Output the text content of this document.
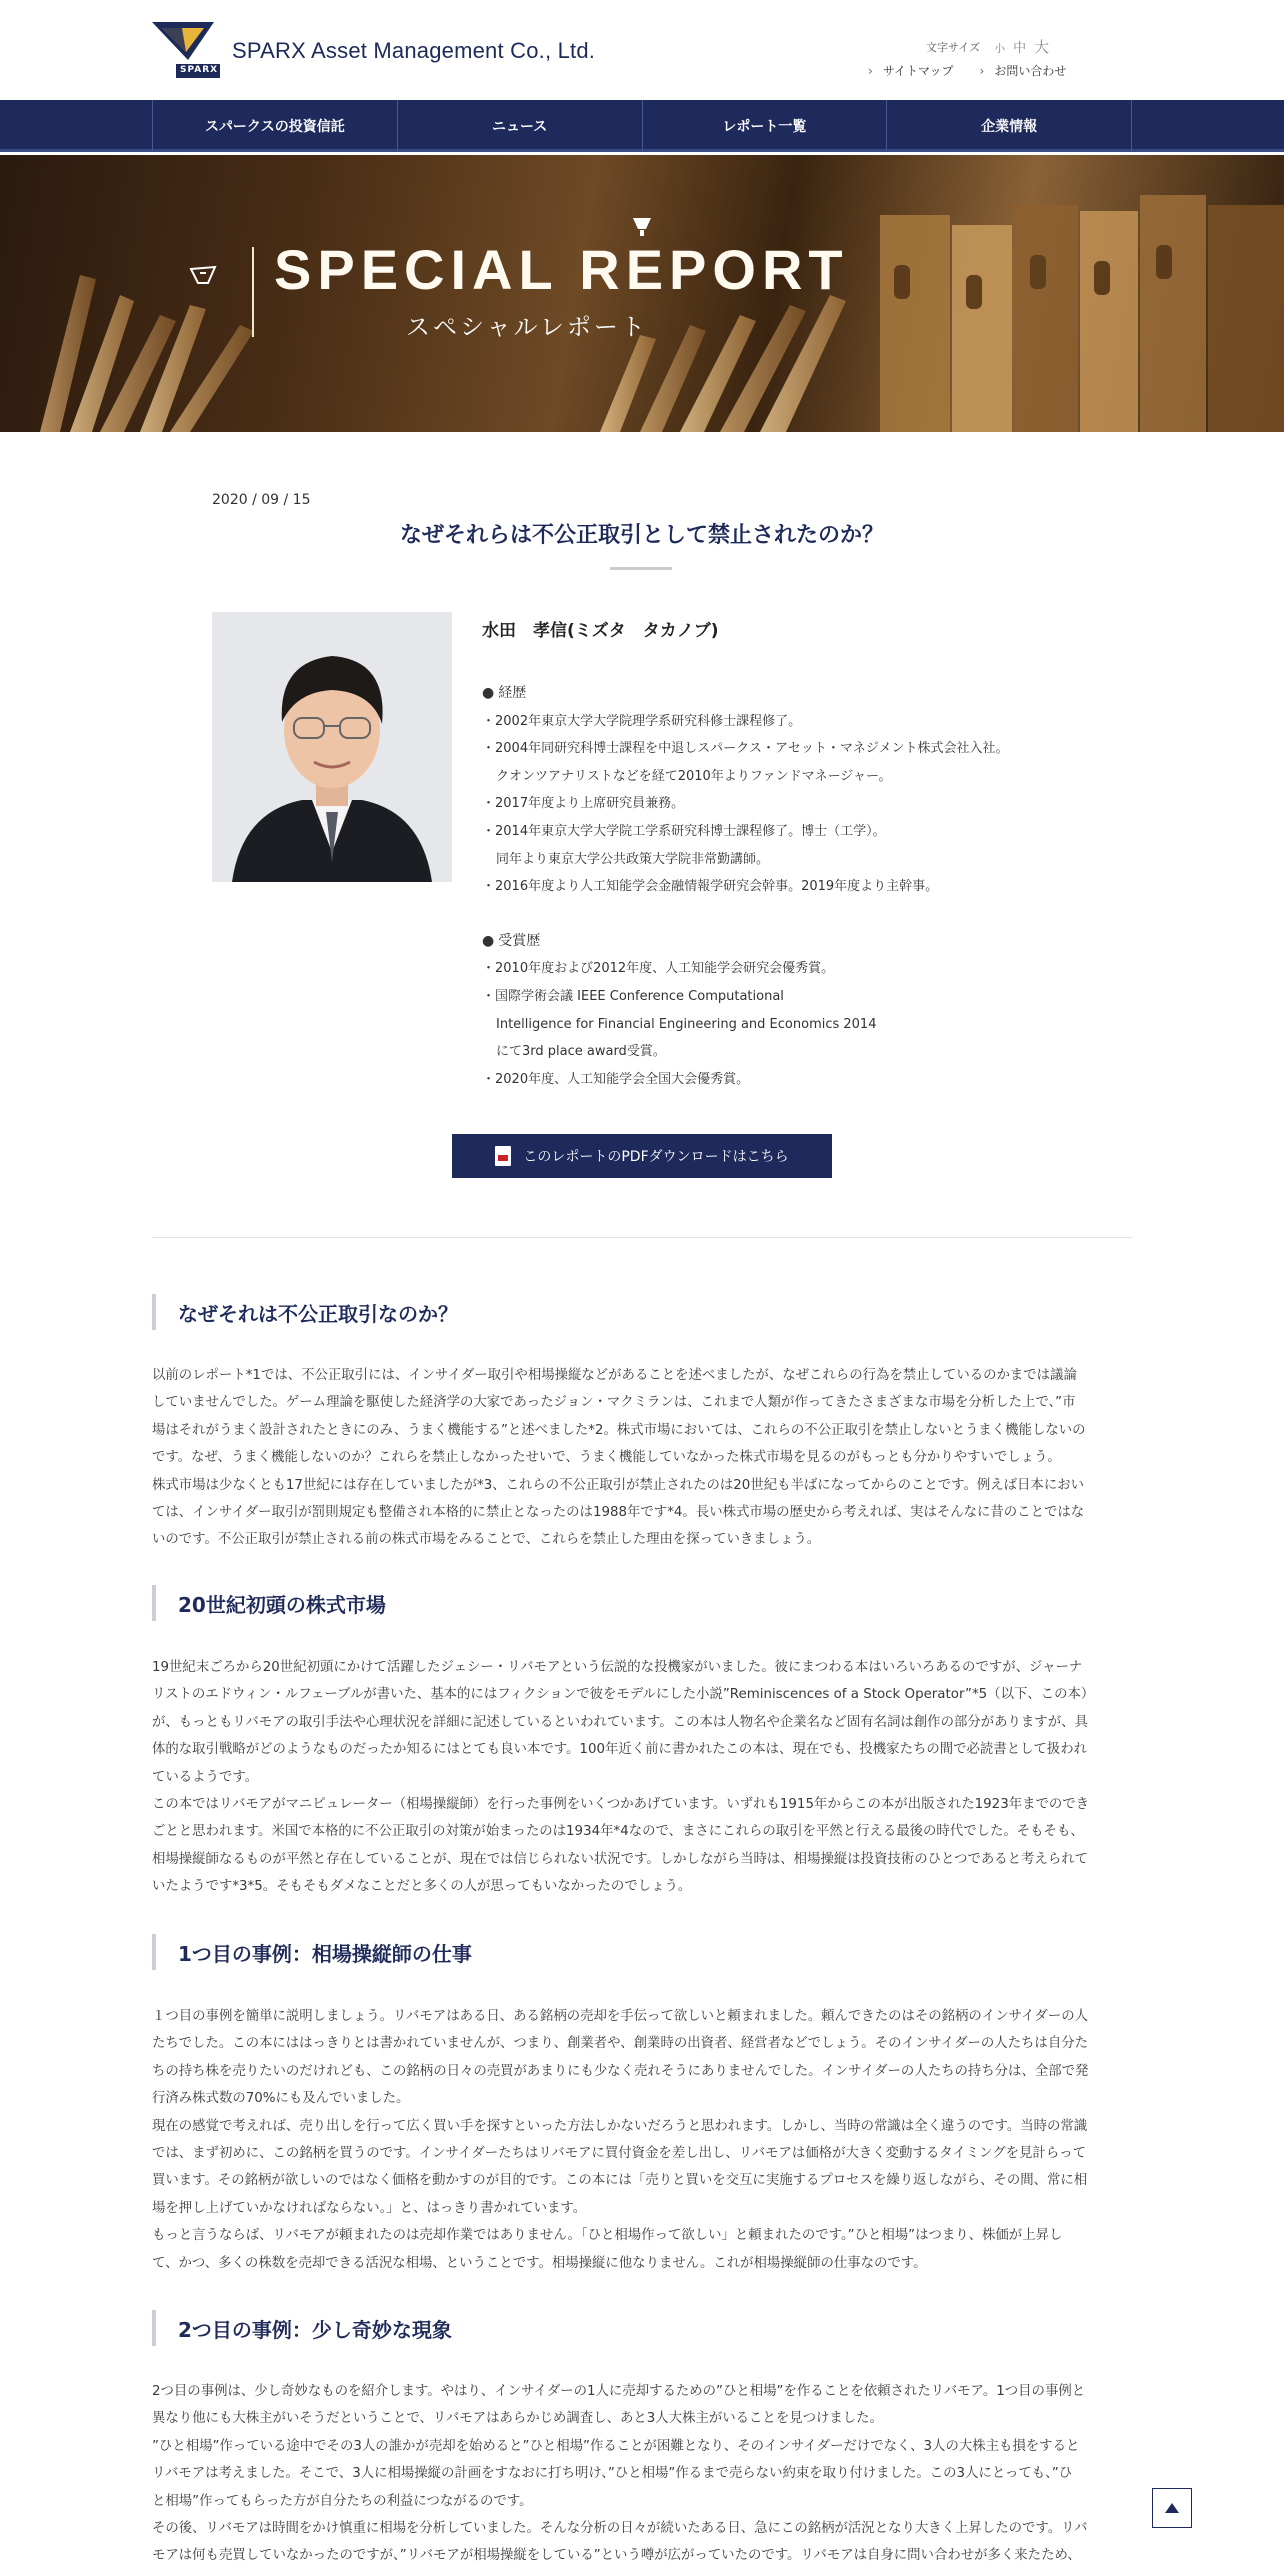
SPARX
SPARX Asset Management Co., Ltd.	文字サイズ 小 中 大
› サイトマップ
›	お問い合わせ
スパークスの投資信託	ニュース	レポート一覧	企業情報
SPECIAL REPORT
スペシャルレポート
2020 / 09 / 15
なぜそれらは不公正取引として禁止されたのか？
水田　孝信(ミズタ　タカノブ)
● 経歴
・ 2002年東京大学大学院理学系研究科修士課程修了。
・ 2004年同研究科博士課程を中退しスパークス・アセット・マネジメント株式会社入社。
クオンツアナリストなどを経て2010年よりファンドマネージャー。
・ 2017年度より上席研究員兼務。
・ 2014年東京大学大学院工学系研究科博士課程修了。博士（工学）。
同年より東京大学公共政策大学院非常勤講師。
・ 2016年度より人工知能学会金融情報学研究会幹事。2019年度より主幹事。
● 受賞歴
・ 2010年度および2012年度、人工知能学会研究会優秀賞。
・ 国際学術会議 IEEE Conference Computational
Intelligence for Financial Engineering and Economics 2014
にて3rd place award受賞。
・ 2020年度、人工知能学会全国大会優秀賞。
このレポートのPDFダウンロードはこちら
なぜそれは不公正取引なのか？

以前のレポート*1では、不公正取引には、インサイダー取引や相場操縦などがあることを述べましたが、なぜこれらの行為を禁止しているのかまでは議論

していませんでした。ゲーム理論を駆使した経済学の大家であったジョン・マクミランは、これまで人類が作ってきたさまざまな市場を分析した上で、”市

場はそれがうまく設計されたときにのみ、うまく機能する”と述べました*2。株式市場においては、これらの不公正取引を禁止しないとうまく機能しないの

です。なぜ、うまく機能しないのか？これらを禁止しなかったせいで、うまく機能していなかった株式市場を見るのがもっとも分かりやすいでしょう。

株式市場は少なくとも17世紀には存在していましたが*3、これらの不公正取引が禁止されたのは20世紀も半ばになってからのことです。例えば日本におい

ては、インサイダー取引が罰則規定も整備され本格的に禁止となったのは1988年です*4。長い株式市場の歴史から考えれば、実はそんなに昔のことではな

いのです。不公正取引が禁止される前の株式市場をみることで、これらを禁止した理由を探っていきましょう。

20世紀初頭の株式市場

19世紀末ごろから20世紀初頭にかけて活躍したジェシー・リバモアという伝説的な投機家がいました。彼にまつわる本はいろいろあるのですが、ジャーナ

リストのエドウィン・ルフェーブルが書いた、基本的にはフィクションで彼をモデルにした小説”Reminiscences of a Stock Operator”*5（以下、この本）

が、もっともリバモアの取引手法や心理状況を詳細に記述しているといわれています。この本は人物名や企業名など固有名詞は創作の部分がありますが、具

体的な取引戦略がどのようなものだったか知るにはとても良い本です。100年近く前に書かれたこの本は、現在でも、投機家たちの間で必読書として扱われ

ているようです。

この本ではリバモアがマニピュレーター（相場操縦師）を行った事例をいくつかあげています。いずれも1915年からこの本が出版された1923年までのでき

ごとと思われます。米国で本格的に不公正取引の対策が始まったのは1934年*4なので、まさにこれらの取引を平然と行える最後の時代でした。そもそも、

相場操縦師なるものが平然と存在していることが、現在では信じられない状況です。しかしながら当時は、相場操縦は投資技術のひとつであると考えられて

いたようです*3*5。そもそもダメなことだと多くの人が思ってもいなかったのでしょう。

1つ目の事例：相場操縦師の仕事

１つ目の事例を簡単に説明しましょう。リバモアはある日、ある銘柄の売却を手伝って欲しいと頼まれました。頼んできたのはその銘柄のインサイダーの人

たちでした。この本にははっきりとは書かれていませんが、つまり、創業者や、創業時の出資者、経営者などでしょう。そのインサイダーの人たちは自分た

ちの持ち株を売りたいのだけれども、この銘柄の日々の売買があまりにも少なく売れそうにありませんでした。インサイダーの人たちの持ち分は、全部で発

行済み株式数の70%にも及んでいました。

現在の感覚で考えれば、売り出しを行って広く買い手を探すといった方法しかないだろうと思われます。しかし、当時の常識は全く違うのです。当時の常識

では、まず初めに、この銘柄を買うのです。インサイダーたちはリバモアに買付資金を差し出し、リバモアは価格が大きく変動するタイミングを見計らって

買います。その銘柄が欲しいのではなく価格を動かすのが目的です。この本には「売りと買いを交互に実施するプロセスを繰り返しながら、その間、常に相

場を押し上げていかなければならない。」と、はっきり書かれています。

もっと言うならば、リバモアが頼まれたのは売却作業ではありません。「ひと相場作って欲しい」と頼まれたのです。”ひと相場”はつまり、株価が上昇し

て、かつ、多くの株数を売却できる活況な相場、ということです。相場操縦に他なりません。これが相場操縦師の仕事なのです。

2つ目の事例：少し奇妙な現象

2つ目の事例は、少し奇妙なものを紹介します。やはり、インサイダーの1人に売却するための”ひと相場”を作ることを依頼されたリバモア。1つ目の事例と

異なり他にも大株主がいそうだということで、リバモアはあらかじめ調査し、あと3人大株主がいることを見つけました。

”ひと相場”作っている途中でその3人の誰かが売却を始めると”ひと相場”作ることが困難となり、そのインサイダーだけでなく、3人の大株主も損をすると

リバモアは考えました。そこで、3人に相場操縦の計画をすなおに打ち明け、”ひと相場”作るまで売らない約束を取り付けました。この3人にとっても、”ひ

と相場”作ってもらった方が自分たちの利益につながるのです。

その後、リバモアは時間をかけ慎重に相場を分析していました。そんな分析の日々が続いたある日、急にこの銘柄が活況となり大きく上昇したのです。リバ

モアは何も売買していなかったのですが、”リバモアが相場操縦をしている”という噂が広がっていたのです。リバモアは自身に問い合わせが多く来たため、
